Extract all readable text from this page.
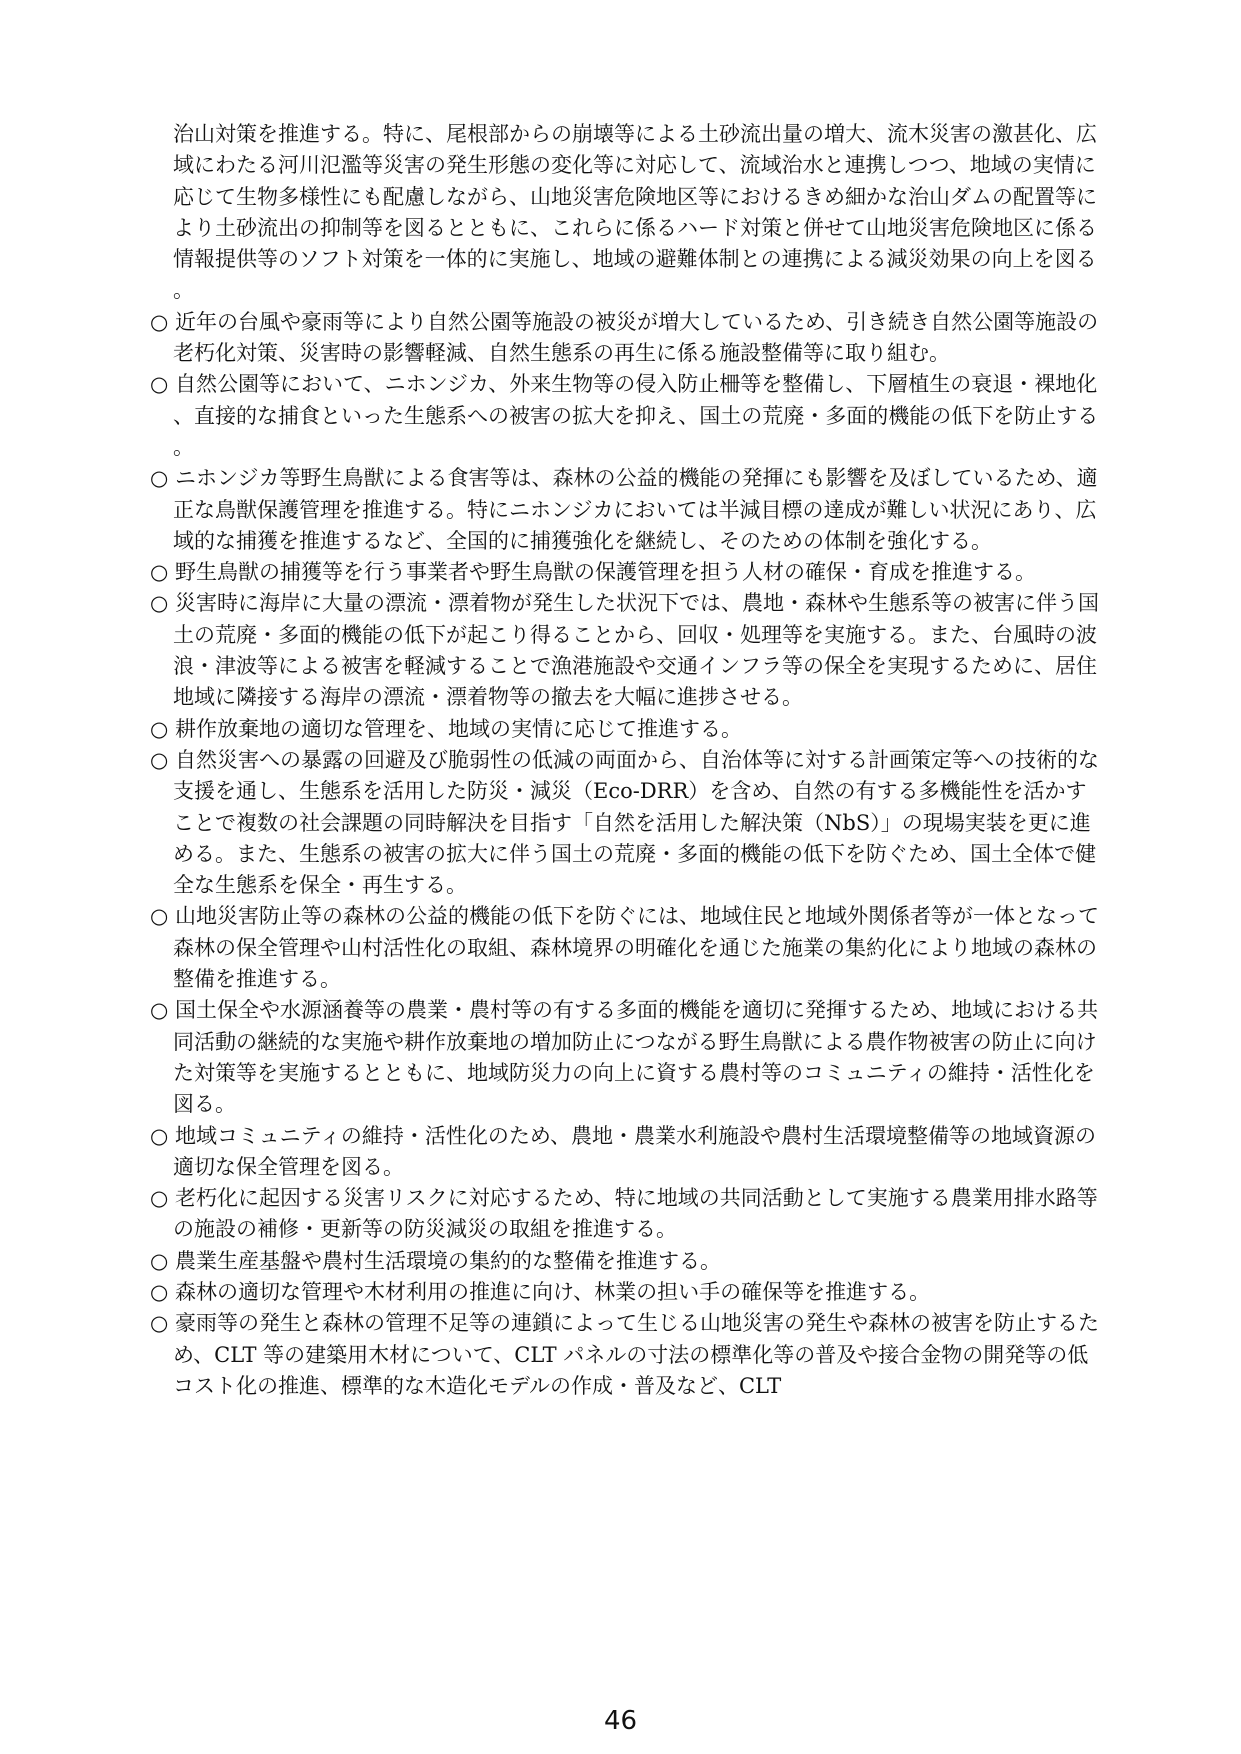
治山対策を推進する。特に、尾根部からの崩壊等による土砂流出量の増大、流木災害の激甚化、広域にわたる河川氾濫等災害の発生形態の変化等に対応して、流域治水と連携しつつ、地域の実情に応じて生物多様性にも配慮しながら、山地災害危険地区等におけるきめ細かな治山ダムの配置等により土砂流出の抑制等を図るとともに、これらに係るハード対策と併せて山地災害危険地区に係る情報提供等のソフト対策を一体的に実施し、地域の避難体制との連携による減災効果の向上を図る。

○ 近年の台風や豪雨等により自然公園等施設の被災が増大しているため、引き続き自然公園等施設の老朽化対策、災害時の影響軽減、自然生態系の再生に係る施設整備等に取り組む。

○ 自然公園等において、ニホンジカ、外来生物等の侵入防止柵等を整備し、下層植生の衰退・裸地化、直接的な捕食といった生態系への被害の拡大を抑え、国土の荒廃・多面的機能の低下を防止する。

○ ニホンジカ等野生鳥獣による食害等は、森林の公益的機能の発揮にも影響を及ぼしているため、適正な鳥獣保護管理を推進する。特にニホンジカにおいては半減目標の達成が難しい状況にあり、広域的な捕獲を推進するなど、全国的に捕獲強化を継続し、そのための体制を強化する。

○ 野生鳥獣の捕獲等を行う事業者や野生鳥獣の保護管理を担う人材の確保・育成を推進する。

○ 災害時に海岸に大量の漂流・漂着物が発生した状況下では、農地・森林や生態系等の被害に伴う国土の荒廃・多面的機能の低下が起こり得ることから、回収・処理等を実施する。また、台風時の波浪・津波等による被害を軽減することで漁港施設や交通インフラ等の保全を実現するために、居住地域に隣接する海岸の漂流・漂着物等の撤去を大幅に進捗させる。

○ 耕作放棄地の適切な管理を、地域の実情に応じて推進する。

○ 自然災害への暴露の回避及び脆弱性の低減の両面から、自治体等に対する計画策定等への技術的な支援を通し、生態系を活用した防災・減災（Eco-DRR）を含め、自然の有する多機能性を活かすことで複数の社会課題の同時解決を目指す「自然を活用した解決策（NbS）」の現場実装を更に進める。また、生態系の被害の拡大に伴う国土の荒廃・多面的機能の低下を防ぐため、国土全体で健全な生態系を保全・再生する。

○ 山地災害防止等の森林の公益的機能の低下を防ぐには、地域住民と地域外関係者等が一体となって森林の保全管理や山村活性化の取組、森林境界の明確化を通じた施業の集約化により地域の森林の整備を推進する。

○ 国土保全や水源涵養等の農業・農村等の有する多面的機能を適切に発揮するため、地域における共同活動の継続的な実施や耕作放棄地の増加防止につながる野生鳥獣による農作物被害の防止に向けた対策等を実施するとともに、地域防災力の向上に資する農村等のコミュニティの維持・活性化を図る。

○ 地域コミュニティの維持・活性化のため、農地・農業水利施設や農村生活環境整備等の地域資源の適切な保全管理を図る。

○ 老朽化に起因する災害リスクに対応するため、特に地域の共同活動として実施する農業用排水路等の施設の補修・更新等の防災減災の取組を推進する。

○ 農業生産基盤や農村生活環境の集約的な整備を推進する。

○ 森林の適切な管理や木材利用の推進に向け、林業の担い手の確保等を推進する。

○ 豪雨等の発生と森林の管理不足等の連鎖によって生じる山地災害の発生や森林の被害を防止するため、CLT 等の建築用木材について、CLT パネルの寸法の標準化等の普及や接合金物の開発等の低コスト化の推進、標準的な木造化モデルの作成・普及など、CLT

46
